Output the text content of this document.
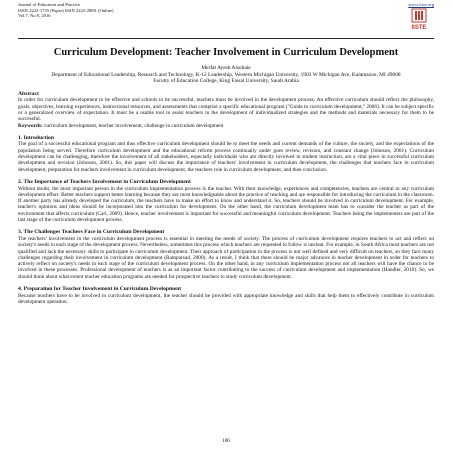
Journal of Education and Practice

ISSN 2222-1735 (Paper) ISSN 2222-288X (Online)

Vol.7, No.9, 2016

www.iiste.org
IISTE
Curriculum Development: Teacher Involvement in Curriculum Development

Merfat Ayesh Alsubaie

Department of Educational Leadership, Research and Technology, K-12 Leadership, Western Michigan University, 1903 W Michigan Ave, Kalamazoo, MI 49008

Faculty of Education College, King Faisal University, Saudi Arabia

Abstract

In order for curriculum development to be effective and schools to be successful, teachers must be involved in the development process. An effective curriculum should reflect the philosophy, goals, objectives, learning experiences, instructional resources, and assessments that comprise a specific educational program ("Guide to curriculum development," 2006). It can be subject specific or a generalized overview of expectation. It must be a usable tool to assist teachers in the development of individualized strategies and the methods and materials necessary for them to be successful.

Keywords: curriculum development, teacher involvement, challenge in curriculum development

1. Introduction

The goal of a successful educational program and thus effective curriculum development should be to meet the needs and current demands of the culture, the society, and the expectations of the population being served. Therefore curriculum development and the educational reform process continually under goes review, revision, and constant change (Johnson, 2001). Curriculum development can be challenging, therefore the involvement of all stakeholders, especially individuals who are directly involved in student instruction, are a vital piece in successful curriculum development and revision (Johnson, 2001). So, this paper will discuss the importance of teachers' involvement in curriculum development, the challenges that teachers face in curriculum development, preparation for teachers involvement in curriculum development, the teachers role in curriculum development, and then conclusion.

2. The Importance of Teachers Involvement in Curriculum Development

Without doubt, the most important person in the curriculum implementation process is the teacher. With their knowledge, experiences and competencies, teachers are central to any curriculum development effort. Better teachers support better learning because they are most knowledgeable about the practice of teaching and are responsible for introducing the curriculum in the classroom. If another party has already developed the curriculum, the teachers have to make an effort to know and understand it. So, teachers should be involved in curriculum development. For example, teacher's opinions and ideas should be incorporated into the curriculum for development. On the other hand, the curriculum development team has to consider the teacher as part of the environment that affects curriculum (Carl, 2009). Hence, teacher involvement is important for successful and meaningful curriculum development. Teachers being the implementers are part of the last stage of the curriculum development process.

3. The Challenges Teachers Face in Curriculum Development

The teachers' involvement in the curriculum development process is essential in meeting the needs of society. The process of curriculum development requires teachers to act and reflect on society's needs in each stage of the development process. Nevertheless, sometimes this process which teachers are requested to follow is unclear. For example, in South Africa most teachers are not qualified and lack the necessary skills to participate in curriculum development. Their approach of participation in the process is not well defined and very difficult on teachers, so they face many challenges regarding their involvement in curriculum development (Ramparsad, 2000). As a result, I think that there should be major advances in teacher development in order for teachers to actively reflect on society's needs in each stage of the curriculum development process. On the other hand, in any curriculum implementation process not all teachers will have the chance to be involved in these processes. Professional development of teachers is as an important factor contributing to the success of curriculum development and implementation (Handler, 2010). So, we should think about what extent teacher education programs are needed for prospective teachers to study curriculum development.

4. Preparation for Teacher Involvement in Curriculum Development

Because teachers have to be involved in curriculum development, the teacher should be provided with appropriate knowledge and skills that help them to effectively contribute in curriculum development operation.

106
